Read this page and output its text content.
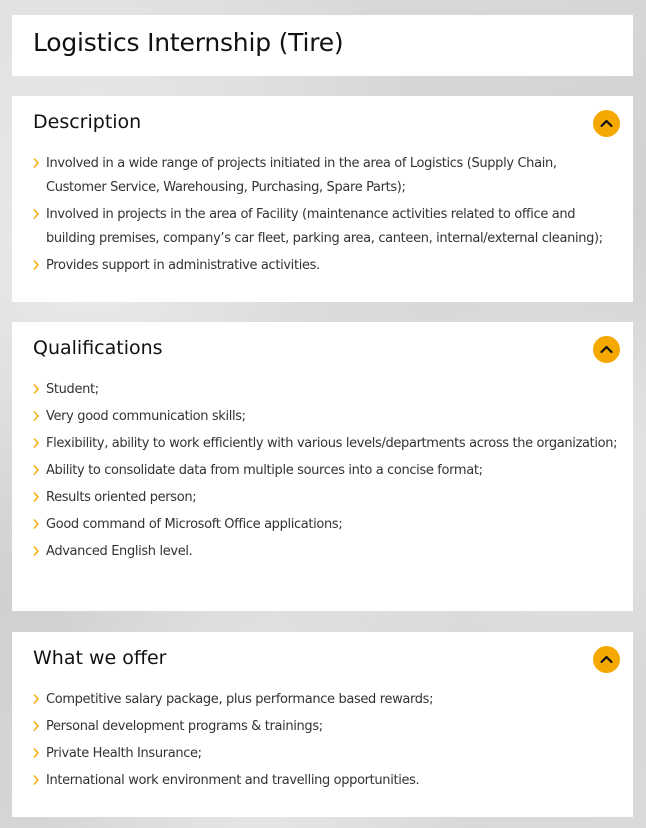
Logistics Internship (Tire)
Description
Involved in a wide range of projects initiated in the area of Logistics (Supply Chain, Customer Service, Warehousing, Purchasing, Spare Parts);
Involved in projects in the area of Facility (maintenance activities related to office and building premises, company’s car fleet, parking area, canteen, internal/external cleaning);
Provides support in administrative activities.
Qualifications
Student;
Very good communication skills;
Flexibility, ability to work efficiently with various levels/departments across the organization;
Ability to consolidate data from multiple sources into a concise format;
Results oriented person;
Good command of Microsoft Office applications;
Advanced English level.
What we offer
Competitive salary package, plus performance based rewards;
Personal development programs & trainings;
Private Health Insurance;
International work environment and travelling opportunities.
